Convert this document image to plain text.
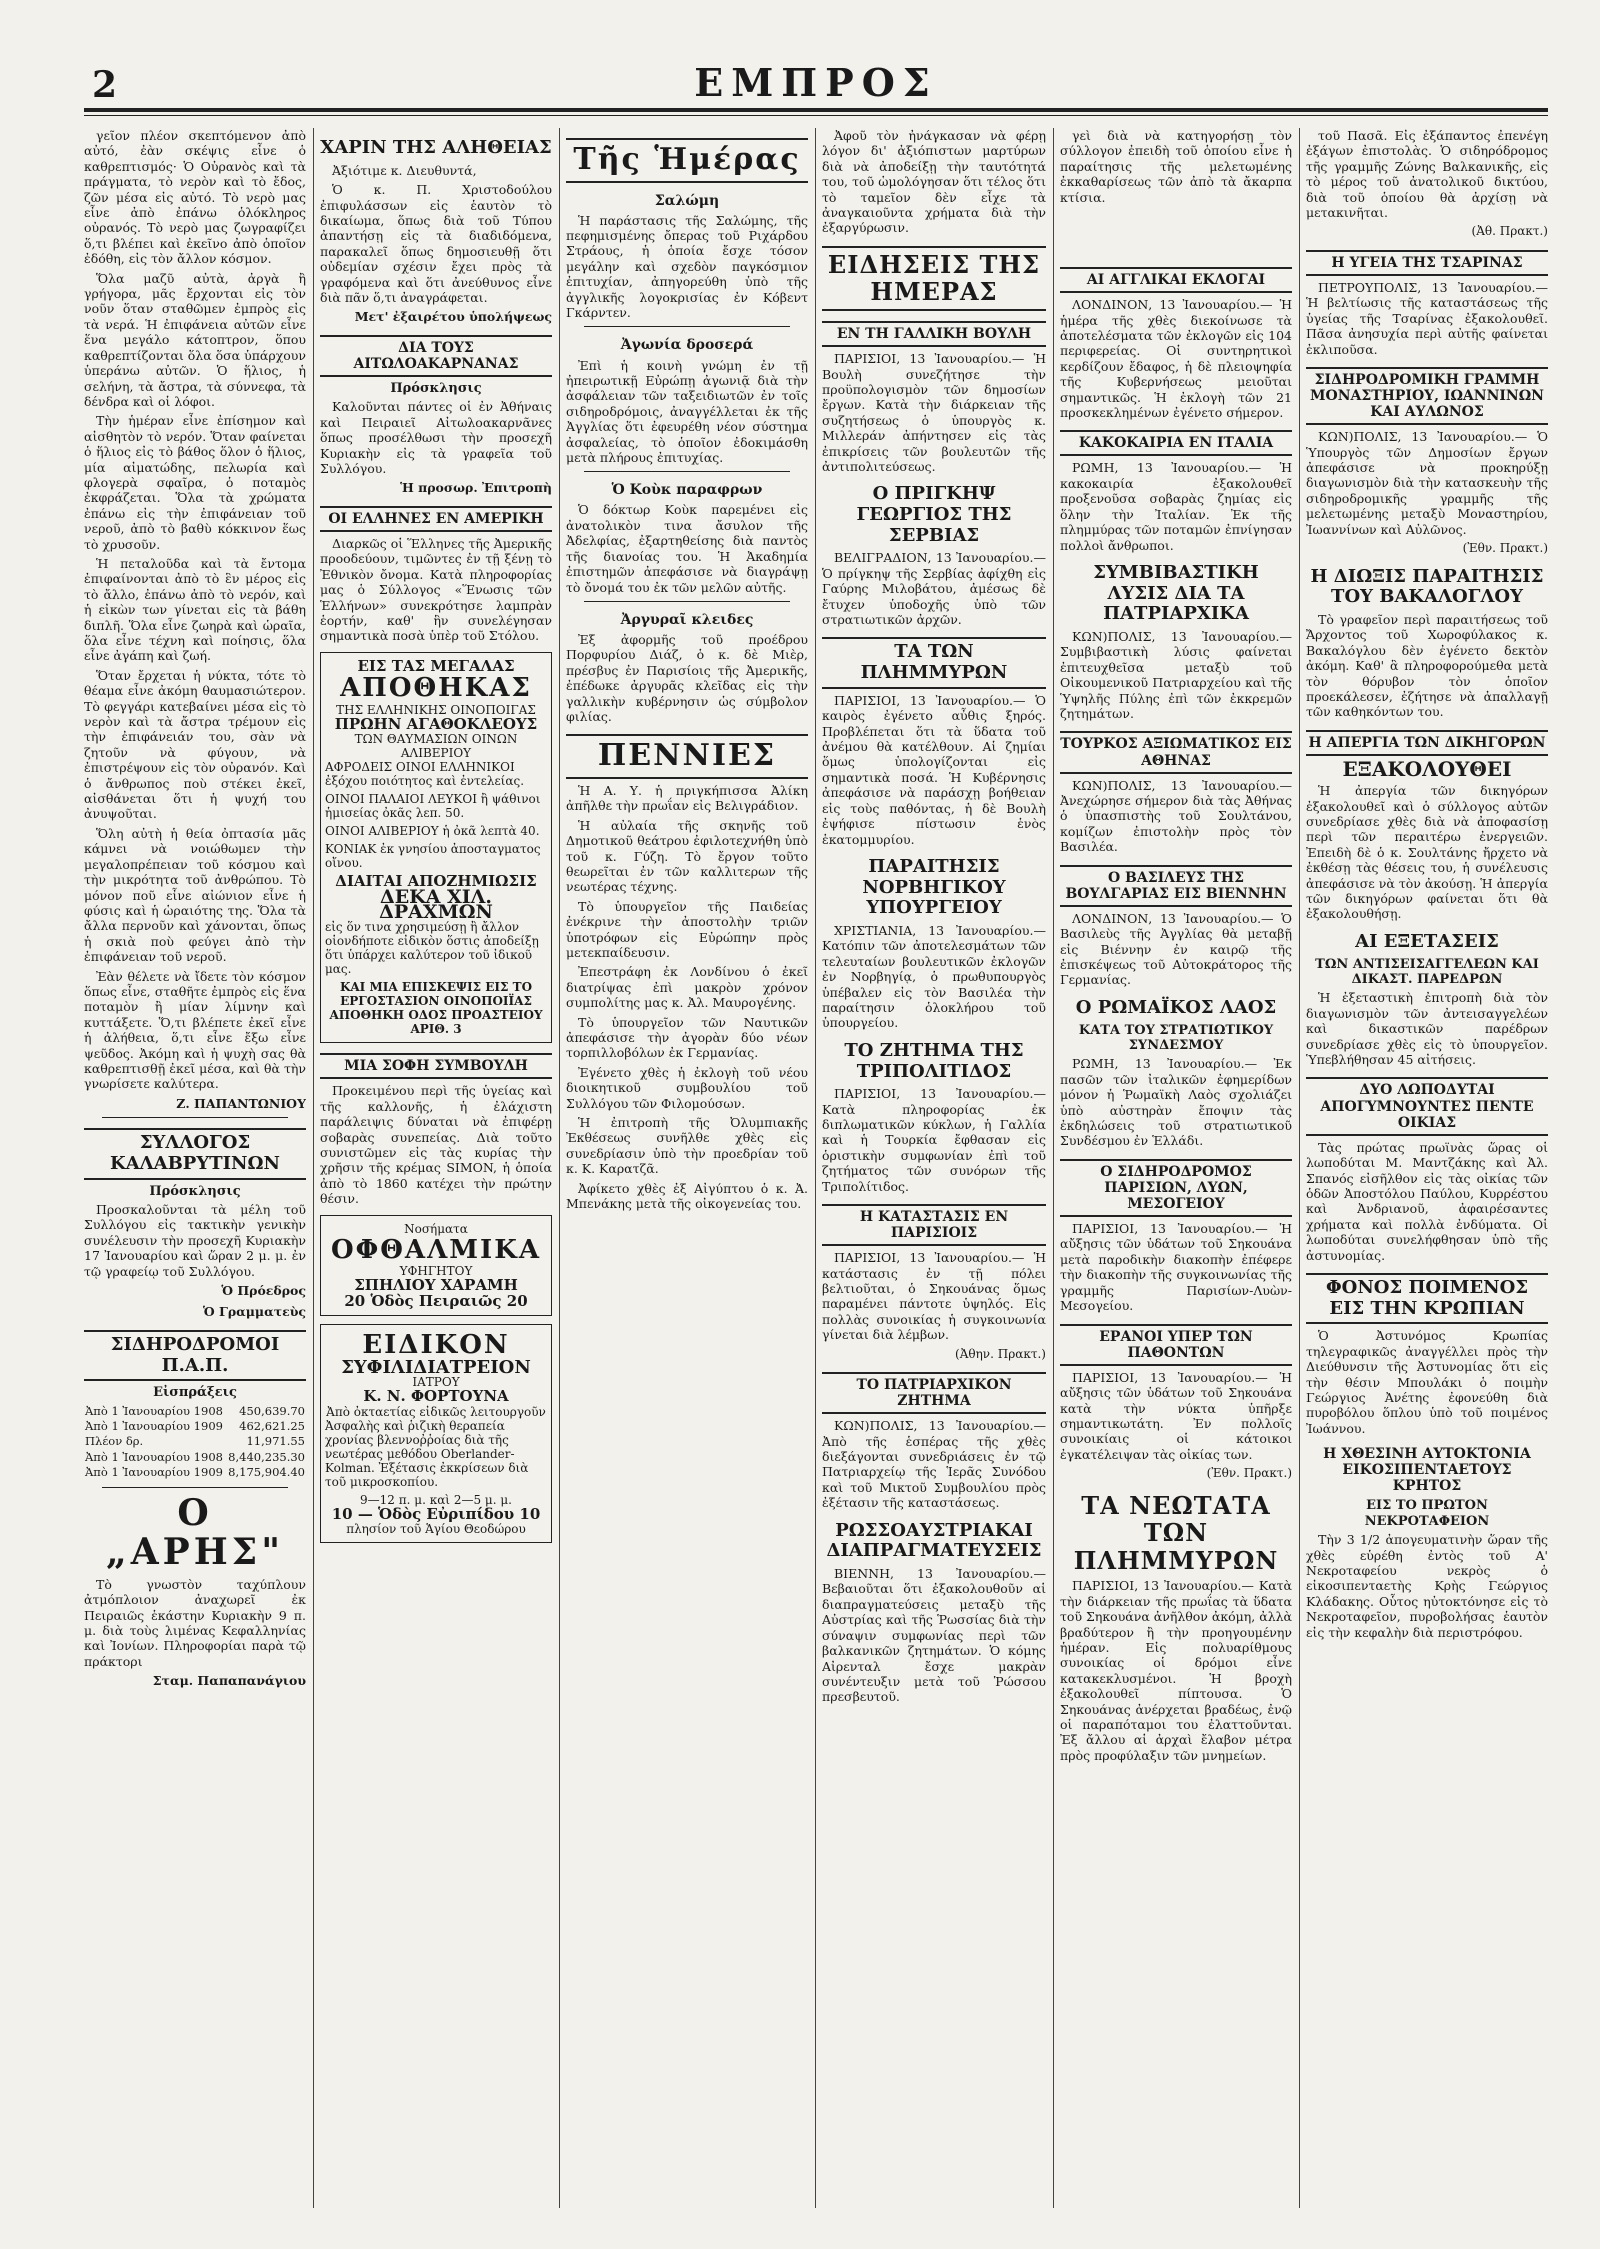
2	ΕΜΠΡΟΣ

γεῖον πλέον σκεπτόμενον ἀπὸ αὐτό, ἐὰν σκέψις εἶνε ὁ καθρεπτισμός· Ὁ Οὐρανὸς καὶ τὰ πράγματα, τὸ νερὸν καὶ τὸ ἔδος, ζῶν μέσα εἰς αὐτό. Τὸ νερὸ μας εἶνε ἀπὸ ἐπάνω ὁλόκληρος οὐρανός. Τὸ νερὸ μας ζωγραφίζει ὅ,τι βλέπει καὶ ἐκεῖνο ἀπὸ ὁποῖον ἐδόθη, εἰς τὸν ἄλλον κόσμον.

Ὅλα μαζῦ αὐτὰ, ἀργὰ ἢ γρήγορα, μᾶς ἔρχονται εἰς τὸν νοῦν ὅταν σταθῶμεν ἐμπρὸς εἰς τὰ νερά. Ἡ ἐπιφάνεια αὐτῶν εἶνε ἕνα μεγάλο κάτοπτρον, ὅπου καθρεπτίζονται ὅλα ὅσα ὑπάρχουν ὑπεράνω αὐτῶν. Ὁ ἥλιος, ἡ σελήνη, τὰ ἄστρα, τὰ σύννεφα, τὰ δένδρα καὶ οἱ λόφοι.

Τὴν ἡμέραν εἶνε ἐπίσημον καὶ αἰσθητὸν τὸ νερόν. Ὅταν φαίνεται ὁ ἥλιος εἰς τὸ βάθος ὅλον ὁ ἥλιος, μία αἰματώδης, πελωρία καὶ φλογερὰ σφαῖρα, ὁ ποταμὸς ἐκφράζεται. Ὅλα τὰ χρώματα ἐπάνω εἰς τὴν ἐπιφάνειαν τοῦ νεροῦ, ἀπὸ τὸ βαθὺ κόκκινον ἕως τὸ χρυσοῦν.

Ἡ πεταλοῦδα καὶ τὰ ἔντομα ἐπιφαίνονται ἀπὸ τὸ ἓν μέρος εἰς τὸ ἄλλο, ἐπάνω ἀπὸ τὸ νερόν, καὶ ἡ εἰκὼν των γίνεται εἰς τὰ βάθη διπλῆ. Ὅλα εἶνε ζωηρὰ καὶ ὡραῖα, ὅλα εἶνε τέχνη καὶ ποίησις, ὅλα εἶνε ἀγάπη καὶ ζωή.

Ὅταν ἔρχεται ἡ νύκτα, τότε τὸ θέαμα εἶνε ἀκόμη θαυμασιώτερον. Τὸ φεγγάρι κατεβαίνει μέσα εἰς τὸ νερὸν καὶ τὰ ἄστρα τρέμουν εἰς τὴν ἐπιφάνειάν του, σὰν νὰ ζητοῦν νὰ φύγουν, νὰ ἐπιστρέψουν εἰς τὸν οὐρανόν. Καὶ ὁ ἄνθρωπος ποὺ στέκει ἐκεῖ, αἰσθάνεται ὅτι ἡ ψυχή του ἀνυψοῦται.

Ὅλη αὐτὴ ἡ θεία ὀπτασία μᾶς κάμνει νὰ νοιώθωμεν τὴν μεγαλοπρέπειαν τοῦ κόσμου καὶ τὴν μικρότητα τοῦ ἀνθρώπου. Τὸ μόνον ποῦ εἶνε αἰώνιον εἶνε ἡ φύσις καὶ ἡ ὡραιότης της. Ὅλα τὰ ἄλλα περνοῦν καὶ χάνονται, ὅπως ἡ σκιὰ ποὺ φεύγει ἀπὸ τὴν ἐπιφάνειαν τοῦ νεροῦ.

Ἐὰν θέλετε νὰ ἴδετε τὸν κόσμον ὅπως εἶνε, σταθῆτε ἐμπρὸς εἰς ἕνα ποταμὸν ἢ μίαν λίμνην καὶ κυττάξετε. Ὅ,τι βλέπετε ἐκεῖ εἶνε ἡ ἀλήθεια, ὅ,τι εἶνε ἔξω εἶνε ψεῦδος. Ἀκόμη καὶ ἡ ψυχὴ σας θὰ καθρεπτισθῇ ἐκεῖ μέσα, καὶ θὰ τὴν γνωρίσετε καλύτερα.

Ζ. ΠΑΠΑΝΤΩΝΙΟΥ
ΣΥΛΛΟΓΟΣ ΚΑΛΑΒΡΥΤΙΝΩΝ
Πρόσκλησις

Προσκαλοῦνται τὰ μέλη τοῦ Συλλόγου εἰς τακτικὴν γενικὴν συνέλευσιν τὴν προσεχῆ Κυριακὴν 17 Ἰανουαρίου καὶ ὥραν 2 μ. μ. ἐν τῷ γραφείῳ τοῦ Συλλόγου.

Ὁ Πρόεδρος
Ὁ Γραμματεὺς
ΣΙΔΗΡΟΔΡΟΜΟΙ Π.Α.Π.
Εἰσπράξεις
Ἀπὸ 1 Ἰανουαρίου 1908	450,639.70
Ἀπὸ 1 Ἰανουαρίου 1909	462,621.25
Πλέον δρ.	11,971.55
Ἀπὸ 1 Ἰανουαρίου 1908	8,440,235.30
Ἀπὸ 1 Ἰανουαρίου 1909	8,175,904.40
Ο „ΑΡΗΣ"

Τὸ γνωστὸν ταχύπλουν ἀτμόπλοιον ἀναχωρεῖ ἐκ Πειραιῶς ἑκάστην Κυριακὴν 9 π. μ. διὰ τοὺς λιμένας Κεφαλληνίας καὶ Ἰονίων. Πληροφορίαι παρὰ τῷ πράκτορι

Σταμ. Παπαπανάγιου
ΧΑΡΙΝ ΤΗΣ ΑΛΗΘΕΙΑΣ

Ἀξιότιμε κ. Διευθυντά,

Ὁ κ. Π. Χριστοδούλου ἐπιφυλάσσων εἰς ἑαυτὸν τὸ δικαίωμα, ὅπως διὰ τοῦ Τύπου ἀπαντήσῃ εἰς τὰ διαδιδόμενα, παρακαλεῖ ὅπως δημοσιευθῇ ὅτι οὐδεμίαν σχέσιν ἔχει πρὸς τὰ γραφόμενα καὶ ὅτι ἀνεύθυνος εἶνε διὰ πᾶν ὅ,τι ἀναγράφεται.

Μετ' ἐξαιρέτου ὑπολήψεως
ΔΙΑ ΤΟΥΣ ΑΙΤΩΛΟΑΚΑΡΝΑΝΑΣ
Πρόσκλησις

Καλοῦνται πάντες οἱ ἐν Ἀθήναις καὶ Πειραιεῖ Αἰτωλοακαρνᾶνες ὅπως προσέλθωσι τὴν προσεχῆ Κυριακὴν εἰς τὰ γραφεῖα τοῦ Συλλόγου.

Ἡ προσωρ. Ἐπιτροπὴ
ΟΙ ΕΛΛΗΝΕΣ ΕΝ ΑΜΕΡΙΚΗ

Διαρκῶς οἱ Ἕλληνες τῆς Ἀμερικῆς προοδεύουν, τιμῶντες ἐν τῇ ξένῃ τὸ Ἐθνικὸν ὄνομα. Κατὰ πληροφορίας μας ὁ Σύλλογος «Ἕνωσις τῶν Ἑλλήνων» συνεκρότησε λαμπρὰν ἑορτήν, καθ' ἣν συνελέγησαν σημαντικὰ ποσὰ ὑπὲρ τοῦ Στόλου.

ΕΙΣ ΤΑΣ ΜΕΓΑΛΑΣ
ΑΠΟΘΗΚΑΣ
ΤΗΣ ΕΛΛΗΝΙΚΗΣ ΟΙΝΟΠΟΙΓΑΣ
ΠΡΩΗΝ ΑΓΑΘΟΚΛΕΟΥΣ
ΤΩΝ ΘΑΥΜΑΣΙΩΝ ΟΙΝΩΝ ΑΛΙΒΕΡΙΟΥ

ΑΦΡΟΔΕΙΣ ΟΙΝΟΙ ΕΛΛΗΝΙΚΟΙ ἐξόχου ποιότητος καὶ ἐντελείας.

ΟΙΝΟΙ ΠΑΛΑΙΟΙ ΛΕΥΚΟΙ ἢ ψάθινοι ἡμισείας ὀκᾶς λεπ. 50.

ΟΙΝΟΙ ΑΛΙΒΕΡΙΟΥ ἡ ὀκᾶ λεπτὰ 40.

KONIAK ἐκ γνησίου ἀποσταγματος οἴνου.

ΔΙΑΙΤΑΙ ΑΠΟΖΗΜΙΩΣΙΣ
ΔΕΚΑ ΧΙΛ. ΔΡΑΧΜΩΝ

εἰς ὅν τινα χρησιμεύσῃ ἢ ἄλλον οἱονδήποτε εἰδικὸν ὅστις ἀποδείξῃ ὅτι ὑπάρχει καλύτερον τοῦ ἰδικοῦ μας.

ΚΑΙ ΜΙΑ ΕΠΙΣΚΕΨΙΣ ΕΙΣ ΤΟ ΕΡΓΟΣΤΑΣΙΟΝ ΟΙΝΟΠΟΙΪΑΣ ΑΠΟΘΗΚΗ ΟΔΟΣ ΠΡΟΑΣΤΕΙΟΥ ΑΡΙΘ. 3
ΜΙΑ ΣΟΦΗ ΣΥΜΒΟΥΛΗ

Προκειμένου περὶ τῆς ὑγείας καὶ τῆς καλλονῆς, ἡ ἐλάχιστη παράλειψις δύναται νὰ ἐπιφέρῃ σοβαρὰς συνεπείας. Διὰ τοῦτο συνιστῶμεν εἰς τὰς κυρίας τὴν χρῆσιν τῆς κρέμας SIMON, ἡ ὁποία ἀπὸ τὸ 1860 κατέχει τὴν πρώτην θέσιν.

Νοσήματα
ΟΦΘΑΛΜΙΚΑ
ΥΦΗΓΗΤΟΥ
ΣΠΗΛΙΟΥ ΧΑΡΑΜΗ
20 Ὁδὸς Πειραιῶς 20
ΕΙΔΙΚΟΝ
ΣΥΦΙΛΙΔΙΑΤΡΕΙΟΝ
ΙΑΤΡΟΥ
Κ. Ν. ΦΟΡΤΟΥΝΑ
Ἀπὸ ὀκταετίας εἰδικῶς λειτουργοῦν

Ἀσφαλὴς καὶ ῥιζικὴ θεραπεία χρονίας βλεννοῤῥοίας διὰ τῆς νεωτέρας μεθόδου Oberlander-Kolman. Ἐξέτασις ἐκκρίσεων διὰ τοῦ μικροσκοπίου.

9—12 π. μ. καὶ 2—5 μ. μ.
10 — Ὁδὸς Εὐριπίδου 10
πλησίον τοῦ Ἁγίου Θεοδώρου
Τῆς Ἡμέρας
Σαλώμη

Ἡ παράστασις τῆς Σαλώμης, τῆς πεφημισμένης ὄπερας τοῦ Ριχάρδου Στράους, ἡ ὁποία ἔσχε τόσον μεγάλην καὶ σχεδὸν παγκόσμιον ἐπιτυχίαν, ἀπηγορεύθη ὑπὸ τῆς ἀγγλικῆς λογοκρισίας ἐν Κόβεντ Γκάρντεν.

Ἀγωνία δροσερά

Ἐπὶ ἡ κοινὴ γνώμη ἐν τῇ ἠπειρωτικῇ Εὐρώπῃ ἀγωνιᾷ διὰ τὴν ἀσφάλειαν τῶν ταξειδιωτῶν ἐν τοῖς σιδηροδρόμοις, ἀναγγέλλεται ἐκ τῆς Ἀγγλίας ὅτι ἐφευρέθη νέον σύστημα ἀσφαλείας, τὸ ὁποῖον ἐδοκιμάσθη μετὰ πλήρους ἐπιτυχίας.

Ὁ Κοὺκ παραφρων

Ὁ δόκτωρ Κοὺκ παρεμένει εἰς ἀνατολικὸν τινα ἄσυλον τῆς Ἀδελφίας, ἐξαρτηθείσης διὰ παντὸς τῆς διανοίας του. Ἡ Ἀκαδημία ἐπιστημῶν ἀπεφάσισε νὰ διαγράψῃ τὸ ὄνομά του ἐκ τῶν μελῶν αὐτῆς.

Ἀργυραῖ κλειδες

Ἐξ ἀφορμῆς τοῦ προέδρου Πορφυρίου Διάζ, ὁ κ. δὲ Μιὲρ, πρέσβυς ἐν Παρισίοις τῆς Ἀμερικῆς, ἐπέδωκε ἀργυρᾶς κλεῖδας εἰς τὴν γαλλικὴν κυβέρνησιν ὡς σύμβολον φιλίας.

ΠΕΝΝΙΕΣ

Ἡ Α. Υ. ἡ πριγκήπισσα Ἀλίκη ἀπῆλθε τὴν πρωΐαν εἰς Βελιγράδιον.

Ἡ αὐλαία τῆς σκηνῆς τοῦ Δημοτικοῦ θεάτρου ἐφιλοτεχνήθη ὑπὸ τοῦ κ. Γύζη. Τὸ ἔργον τοῦτο θεωρεῖται ἐν τῶν καλλιτερων τῆς νεωτέρας τέχνης.

Τὸ ὑπουργεῖον τῆς Παιδείας ἐνέκρινε τὴν ἀποστολὴν τριῶν ὑποτρόφων εἰς Εὐρώπην πρὸς μετεκπαίδευσιν.

Ἐπεστράφη ἐκ Λονδίνου ὁ ἐκεῖ διατρίψας ἐπὶ μακρὸν χρόνον συμπολίτης μας κ. Ἀλ. Μαυρογένης.

Τὸ ὑπουργεῖον τῶν Ναυτικῶν ἀπεφάσισε τὴν ἀγορὰν δύο νέων τορπιλλοβόλων ἐκ Γερμανίας.

Ἐγένετο χθὲς ἡ ἐκλογὴ τοῦ νέου διοικητικοῦ συμβουλίου τοῦ Συλλόγου τῶν Φιλομούσων.

Ἡ ἐπιτροπὴ τῆς Ὀλυμπιακῆς Ἐκθέσεως συνῆλθε χθὲς εἰς συνεδρίασιν ὑπὸ τὴν προεδρίαν τοῦ κ. Κ. Καρατζᾶ.

Ἀφίκετο χθὲς ἐξ Αἰγύπτου ὁ κ. Ἀ. Μπενάκης μετὰ τῆς οἰκογενείας του.

Ἀφοῦ τὸν ἠνάγκασαν νὰ φέρῃ λόγον δι' ἀξιόπιστων μαρτύρων διὰ νὰ ἀποδείξῃ τὴν ταυτότητά του, τοῦ ὡμολόγησαν ὅτι τέλος ὅτι τὸ ταμεῖον δὲν εἶχε τὰ ἀναγκαιοῦντα χρήματα διὰ τὴν ἐξαργύρωσιν.

ΕΙΔΗΣΕΙΣ ΤΗΣ ΗΜΕΡΑΣ
ΕΝ ΤΗ ΓΑΛΛΙΚΗ ΒΟΥΛΗ

ΠΑΡΙΣΙΟΙ, 13 Ἰανουαρίου.— Ἡ Βουλὴ συνεζήτησε τὴν προϋπολογισμὸν τῶν δημοσίων ἔργων. Κατὰ τὴν διάρκειαν τῆς συζητήσεως ὁ ὑπουργὸς κ. Μιλλεράν ἀπήντησεν εἰς τὰς ἐπικρίσεις τῶν βουλευτῶν τῆς ἀντιπολιτεύσεως.

Ο ΠΡΙΓΚΗΨ ΓΕΩΡΓΙΟΣ ΤΗΣ ΣΕΡΒΙΑΣ

ΒΕΛΙΓΡΑΔΙΟΝ, 13 Ἰανουαρίου.— Ὁ πρίγκηψ τῆς Σερβίας ἀφίχθη εἰς Γαύρης Μιλοβάτου, ἀμέσως δὲ ἔτυχεν ὑποδοχῆς ὑπὸ τῶν στρατιωτικῶν ἀρχῶν.

ΤΑ ΤΩΝ ΠΛΗΜΜΥΡΩΝ

ΠΑΡΙΣΙΟΙ, 13 Ἰανουαρίου.— Ὁ καιρὸς ἐγένετο αὖθις ξηρός. Προβλέπεται ὅτι τὰ ὕδατα τοῦ ἀνέμου θὰ κατέλθουν. Αἱ ζημίαι ὅμως ὑπολογίζονται εἰς σημαντικὰ ποσά. Ἡ Κυβέρνησις ἀπεφάσισε νὰ παράσχῃ βοήθειαν εἰς τοὺς παθόντας, ἡ δὲ Βουλὴ ἐψήφισε πίστωσιν ἑνὸς ἑκατομμυρίου.

ΠΑΡΑΙΤΗΣΙΣ ΝΟΡΒΗΓΙΚΟΥ ΥΠΟΥΡΓΕΙΟΥ

ΧΡΙΣΤΙΑΝΙΑ, 13 Ἰανουαρίου.— Κατόπιν τῶν ἀποτελεσμάτων τῶν τελευταίων βουλευτικῶν ἐκλογῶν ἐν Νορβηγίᾳ, ὁ πρωθυπουργὸς ὑπέβαλεν εἰς τὸν Βασιλέα τὴν παραίτησιν ὁλοκλήρου τοῦ ὑπουργείου.

ΤΟ ΖΗΤΗΜΑ ΤΗΣ ΤΡΙΠΟΛΙΤΙΔΟΣ

ΠΑΡΙΣΙΟΙ, 13 Ἰανουαρίου.— Κατὰ πληροφορίας ἐκ διπλωματικῶν κύκλων, ἡ Γαλλία καὶ ἡ Τουρκία ἔφθασαν εἰς ὁριστικὴν συμφωνίαν ἐπὶ τοῦ ζητήματος τῶν συνόρων τῆς Τριπολίτιδος.

Η ΚΑΤΑΣΤΑΣΙΣ ΕΝ ΠΑΡΙΣΙΟΙΣ

ΠΑΡΙΣΙΟΙ, 13 Ἰανουαρίου.— Ἡ κατάστασις ἐν τῇ πόλει βελτιοῦται, ὁ Σηκουάνας ὅμως παραμένει πάντοτε ὑψηλός. Εἰς πολλὰς συνοικίας ἡ συγκοινωνία γίνεται διὰ λέμβων.

(Ἀθην. Πρακτ.)
ΤΟ ΠΑΤΡΙΑΡΧΙΚΟΝ ΖΗΤΗΜΑ

ΚΩΝ)ΠΟΛΙΣ, 13 Ἰανουαρίου.— Ἀπὸ τῆς ἑσπέρας τῆς χθὲς διεξάγονται συνεδριάσεις ἐν τῷ Πατριαρχείῳ τῆς Ἱερᾶς Συνόδου καὶ τοῦ Μικτοῦ Συμβουλίου πρὸς ἐξέτασιν τῆς καταστάσεως.

ΡΩΣΣΟΑΥΣΤΡΙΑΚΑΙ ΔΙΑΠΡΑΓΜΑΤΕΥΣΕΙΣ

ΒΙΕΝΝΗ, 13 Ἰανουαρίου.— Βεβαιοῦται ὅτι ἐξακολουθοῦν αἱ διαπραγματεύσεις μεταξὺ τῆς Αὐστρίας καὶ τῆς Ῥωσσίας διὰ τὴν σύναψιν συμφωνίας περὶ τῶν βαλκανικῶν ζητημάτων. Ὁ κόμης Αἰρενταλ ἔσχε μακρὰν συνέντευξιν μετὰ τοῦ Ῥώσσου πρεσβευτοῦ.

γεὶ διὰ νὰ κατηγορήσῃ τὸν σύλλογον ἐπειδὴ τοῦ ὁποίου εἶνε ἡ παραίτησις τῆς μελετωμένης ἐκκαθαρίσεως τῶν ἀπὸ τὰ ἄκαρπα κτίσια.

ΑΙ ΑΓΓΛΙΚΑΙ ΕΚΛΟΓΑΙ

ΛΟΝΔΙΝΟΝ, 13 Ἰανουαρίου.— Ἡ ἡμέρα τῆς χθὲς διεκοίνωσε τὰ ἀποτελέσματα τῶν ἐκλογῶν εἰς 104 περιφερείας. Οἱ συντηρητικοὶ κερδίζουν ἔδαφος, ἡ δὲ πλειοψηφία τῆς Κυβερνήσεως μειοῦται σημαντικῶς. Ἡ ἐκλογὴ τῶν 21 προσκεκλημένων ἐγένετο σήμερον.

ΚΑΚΟΚΑΙΡΙΑ ΕΝ ΙΤΑΛΙΑ

ΡΩΜΗ, 13 Ἰανουαρίου.— Ἡ κακοκαιρία ἐξακολουθεῖ προξενοῦσα σοβαρὰς ζημίας εἰς ὅλην τὴν Ἰταλίαν. Ἐκ τῆς πλημμύρας τῶν ποταμῶν ἐπνίγησαν πολλοὶ ἄνθρωποι.

ΣΥΜΒΙΒΑΣΤΙΚΗ ΛΥΣΙΣ ΔΙΑ ΤΑ ΠΑΤΡΙΑΡΧΙΚΑ

ΚΩΝ)ΠΟΛΙΣ, 13 Ἰανουαρίου.— Συμβιβαστικὴ λύσις φαίνεται ἐπιτευχθεῖσα μεταξὺ τοῦ Οἰκουμενικοῦ Πατριαρχείου καὶ τῆς Ὑψηλῆς Πύλης ἐπὶ τῶν ἐκκρεμῶν ζητημάτων.

ΤΟΥΡΚΟΣ ΑΞΙΩΜΑΤΙΚΟΣ ΕΙΣ ΑΘΗΝΑΣ

ΚΩΝ)ΠΟΛΙΣ, 13 Ἰανουαρίου.— Ἀνεχώρησε σήμερον διὰ τὰς Ἀθήνας ὁ ὑπασπιστὴς τοῦ Σουλτάνου, κομίζων ἐπιστολὴν πρὸς τὸν Βασιλέα.

Ο ΒΑΣΙΛΕΥΣ ΤΗΣ ΒΟΥΛΓΑΡΙΑΣ ΕΙΣ ΒΙΕΝΝΗΝ

ΛΟΝΔΙΝΟΝ, 13 Ἰανουαρίου.— Ὁ Βασιλεὺς τῆς Ἀγγλίας θὰ μεταβῇ εἰς Βιέννην ἐν καιρῷ τῆς ἐπισκέψεως τοῦ Αὐτοκράτορος τῆς Γερμανίας.

Ο ΡΩΜΑΪΚΟΣ ΛΑΟΣ
ΚΑΤΑ ΤΟΥ ΣΤΡΑΤΙΩΤΙΚΟΥ ΣΥΝΔΕΣΜΟΥ

ΡΩΜΗ, 13 Ἰανουαρίου.— Ἐκ πασῶν τῶν ἰταλικῶν ἐφημερίδων μόνον ἡ Ῥωμαϊκὴ Λαὸς σχολιάζει ὑπὸ αὐστηρὰν ἔποψιν τὰς ἐκδηλώσεις τοῦ στρατιωτικοῦ Συνδέσμου ἐν Ἑλλάδι.

Ο ΣΙΔΗΡΟΔΡΟΜΟΣ ΠΑΡΙΣΙΩΝ, ΛΥΩΝ, ΜΕΣΟΓΕΙΟΥ

ΠΑΡΙΣΙΟΙ, 13 Ἰανουαρίου.— Ἡ αὔξησις τῶν ὑδάτων τοῦ Σηκουάνα μετὰ παροδικὴν διακοπὴν ἐπέφερε τὴν διακοπὴν τῆς συγκοινωνίας τῆς γραμμῆς Παρισίων-Λυὼν-Μεσογείου.

ΕΡΑΝΟΙ ΥΠΕΡ ΤΩΝ ΠΑΘΟΝΤΩΝ

ΠΑΡΙΣΙΟΙ, 13 Ἰανουαρίου.— Ἡ αὔξησις τῶν ὑδάτων τοῦ Σηκουάνα κατὰ τὴν νύκτα ὑπῆρξε σημαντικωτάτη. Ἐν πολλοῖς συνοικίαις οἱ κάτοικοι ἐγκατέλειψαν τὰς οἰκίας των.

(Ἐθν. Πρακτ.)
ΤΑ ΝΕΩΤΑΤΑ ΤΩΝ ΠΛΗΜΜΥΡΩΝ

ΠΑΡΙΣΙΟΙ, 13 Ἰανουαρίου.— Κατὰ τὴν διάρκειαν τῆς πρωΐας τὰ ὕδατα τοῦ Σηκουάνα ἀνῆλθον ἀκόμη, ἀλλὰ βραδύτερον ἢ τὴν προηγουμένην ἡμέραν. Εἰς πολυαρίθμους συνοικίας οἱ δρόμοι εἶνε κατακεκλυσμένοι. Ἡ βροχὴ ἐξακολουθεῖ πίπτουσα. Ὁ Σηκουάνας ἀνέρχεται βραδέως, ἐνῷ οἱ παραπόταμοι του ἐλαττοῦνται. Ἐξ ἄλλου αἱ ἀρχαὶ ἔλαβον μέτρα πρὸς προφύλαξιν τῶν μνημείων.

τοῦ Πασᾶ. Εἰς ἐξάπαντος ἐπενέγη ἐξάγων ἐπιστολὰς. Ὁ σιδηρόδρομος τῆς γραμμῆς Ζώνης Βαλκανικῆς, εἰς τὸ μέρος τοῦ ἀνατολικοῦ δικτύου, διὰ τοῦ ὁποίου θὰ ἀρχίσῃ νὰ μετακινῆται.

(Ἀθ. Πρακτ.)
Η ΥΓΕΙΑ ΤΗΣ ΤΣΑΡΙΝΑΣ

ΠΕΤΡΟΥΠΟΛΙΣ, 13 Ἰανουαρίου.— Ἡ βελτίωσις τῆς καταστάσεως τῆς ὑγείας τῆς Τσαρίνας ἐξακολουθεῖ. Πᾶσα ἀνησυχία περὶ αὐτῆς φαίνεται ἐκλιποῦσα.

ΣΙΔΗΡΟΔΡΟΜΙΚΗ ΓΡΑΜΜΗ ΜΟΝΑΣΤΗΡΙΟΥ, ΙΩΑΝΝΙΝΩΝ ΚΑΙ ΑΥΛΩΝΟΣ

ΚΩΝ)ΠΟΛΙΣ, 13 Ἰανουαρίου.— Ὁ Ὑπουργὸς τῶν Δημοσίων ἔργων ἀπεφάσισε νὰ προκηρύξῃ διαγωνισμὸν διὰ τὴν κατασκευὴν τῆς σιδηροδρομικῆς γραμμῆς τῆς μελετωμένης μεταξὺ Μοναστηρίου, Ἰωαννίνων καὶ Αὐλῶνος.

(Ἐθν. Πρακτ.)
Η ΔΙΩΞΙΣ ΠΑΡΑΙΤΗΣΙΣ ΤΟΥ ΒΑΚΑΛΟΓΛΟΥ

Τὸ γραφεῖον περὶ παραιτήσεως τοῦ Ἄρχοντος τοῦ Χωροφύλακος κ. Βακαλόγλου δὲν ἐγένετο δεκτὸν ἀκόμη. Καθ' ἃ πληροφορούμεθα μετὰ τὸν θόρυβον τὸν ὁποῖον προεκάλεσεν, ἐζήτησε νὰ ἀπαλλαγῇ τῶν καθηκόντων του.

Η ΑΠΕΡΓΙΑ ΤΩΝ ΔΙΚΗΓΟΡΩΝ
ΕΞΑΚΟΛΟΥΘΕΙ

Ἡ ἀπεργία τῶν δικηγόρων ἐξακολουθεῖ καὶ ὁ σύλλογος αὐτῶν συνεδρίασε χθὲς διὰ νὰ ἀποφασίσῃ περὶ τῶν περαιτέρω ἐνεργειῶν. Ἐπειδὴ δὲ ὁ κ. Σουλτάνης ἤρχετο νὰ ἐκθέσῃ τὰς θέσεις του, ἡ συνέλευσις ἀπεφάσισε νὰ τὸν ἀκούσῃ. Ἡ ἀπεργία τῶν δικηγόρων φαίνεται ὅτι θὰ ἐξακολουθήσῃ.

ΑΙ ΕΞΕΤΑΣΕΙΣ
ΤΩΝ ΑΝΤΙΣΕΙΣΑΓΓΕΛΕΩΝ ΚΑΙ ΔΙΚΑΣΤ. ΠΑΡΕΔΡΩΝ

Ἡ ἐξεταστικὴ ἐπιτροπὴ διὰ τὸν διαγωνισμὸν τῶν ἀντεισαγγελέων καὶ δικαστικῶν παρέδρων συνεδρίασε χθὲς εἰς τὸ ὑπουργεῖον. Ὑπεβλήθησαν 45 αἰτήσεις.

ΔΥΟ ΛΩΠΟΔΥΤΑΙ ΑΠΟΓΥΜΝΟΥΝΤΕΣ ΠΕΝΤΕ ΟΙΚΙΑΣ

Τὰς πρώτας πρωϊνὰς ὥρας οἱ λωποδύται Μ. Μαντζάκης καὶ Ἀλ. Σπανός εἰσῆλθον εἰς τὰς οἰκίας τῶν ὁδῶν Ἀποστόλου Παύλου, Κυρρέστου καὶ Ἀνδριανοῦ, ἀφαιρέσαντες χρήματα καὶ πολλὰ ἐνδύματα. Οἱ λωποδύται συνελήφθησαν ὑπὸ τῆς ἀστυνομίας.

ΦΟΝΟΣ ΠΟΙΜΕΝΟΣ ΕΙΣ ΤΗΝ ΚΡΩΠΙΑΝ

Ὁ Ἀστυνόμος Κρωπίας τηλεγραφικῶς ἀναγγέλλει πρὸς τὴν Διεύθυνσιν τῆς Ἀστυνομίας ὅτι εἰς τὴν θέσιν Μπουλάκι ὁ ποιμὴν Γεώργιος Ἀνέτης ἐφονεύθη διὰ πυροβόλου ὅπλου ὑπὸ τοῦ ποιμένος Ἰωάννου.

Η ΧΘΕΣΙΝΗ ΑΥΤΟΚΤΟΝΙΑ ΕΙΚΟΣΙΠΕΝΤΑΕΤΟΥΣ ΚΡΗΤΟΣ
ΕΙΣ ΤΟ ΠΡΩΤΟΝ ΝΕΚΡΟΤΑΦΕΙΟΝ

Τὴν 3 1/2 ἀπογευματινὴν ὥραν τῆς χθὲς εὑρέθη ἐντὸς τοῦ Α' Νεκροταφείου νεκρὸς ὁ εἰκοσιπενταετὴς Κρὴς Γεώργιος Κλάδακης. Οὗτος ηὐτοκτόνησε εἰς τὸ Νεκροταφεῖον, πυροβολήσας ἑαυτὸν εἰς τὴν κεφαλὴν διὰ περιστρόφου.
